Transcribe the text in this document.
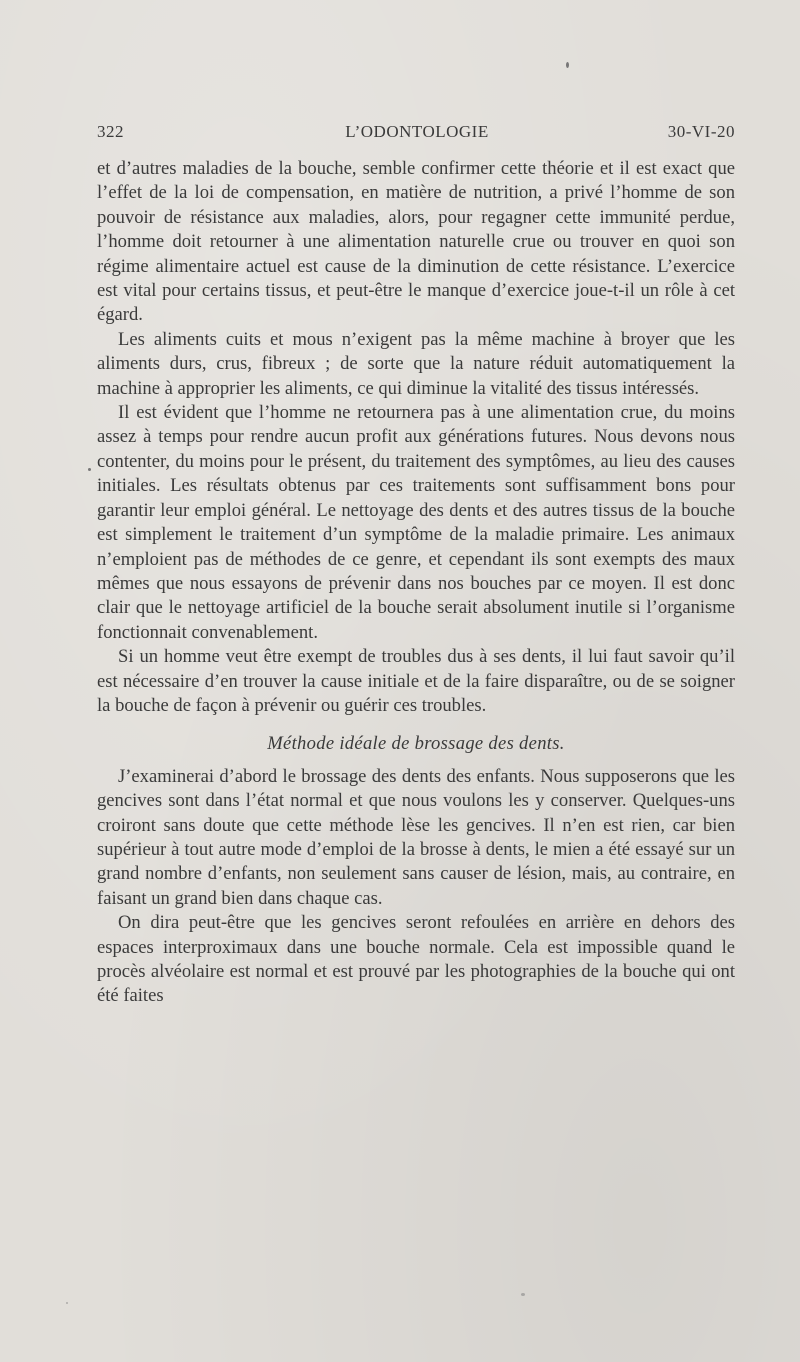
322	L’ODONTOLOGIE	30-VI-20

et d’autres maladies de la bouche, semble confirmer cette théorie et il est exact que l’effet de la loi de compensation, en matière de nutrition, a privé l’homme de son pouvoir de résistance aux maladies, alors, pour regagner cette immunité perdue, l’homme doit retourner à une alimentation naturelle crue ou trouver en quoi son régime alimentaire actuel est cause de la diminution de cette résistance. L’exercice est vital pour certains tissus, et peut-être le manque d’exercice joue-t-il un rôle à cet égard.

Les aliments cuits et mous n’exigent pas la même machine à broyer que les aliments durs, crus, fibreux ; de sorte que la nature réduit automatiquement la machine à approprier les aliments, ce qui diminue la vitalité des tissus intéressés.

Il est évident que l’homme ne retournera pas à une alimentation crue, du moins assez à temps pour rendre aucun profit aux générations futures. Nous devons nous contenter, du moins pour le présent, du traitement des symptômes, au lieu des causes initiales. Les résultats obtenus par ces traitements sont suffisamment bons pour garantir leur emploi général. Le nettoyage des dents et des autres tissus de la bouche est simplement le traitement d’un symptôme de la maladie primaire. Les animaux n’emploient pas de méthodes de ce genre, et cependant ils sont exempts des maux mêmes que nous essayons de prévenir dans nos bouches par ce moyen. Il est donc clair que le nettoyage artificiel de la bouche serait absolument inutile si l’organisme fonctionnait convenablement.

Si un homme veut être exempt de troubles dus à ses dents, il lui faut savoir qu’il est nécessaire d’en trouver la cause initiale et de la faire disparaître, ou de se soigner la bouche de façon à prévenir ou guérir ces troubles.

Méthode idéale de brossage des dents.

J’examinerai d’abord le brossage des dents des enfants. Nous supposerons que les gencives sont dans l’état normal et que nous voulons les y conserver. Quelques-uns croiront sans doute que cette méthode lèse les gencives. Il n’en est rien, car bien supérieur à tout autre mode d’emploi de la brosse à dents, le mien a été essayé sur un grand nombre d’enfants, non seulement sans causer de lésion, mais, au contraire, en faisant un grand bien dans chaque cas.

On dira peut-être que les gencives seront refoulées en arrière en dehors des espaces interproximaux dans une bouche normale. Cela est impossible quand le procès alvéolaire est normal et est prouvé par les photographies de la bouche qui ont été faites
